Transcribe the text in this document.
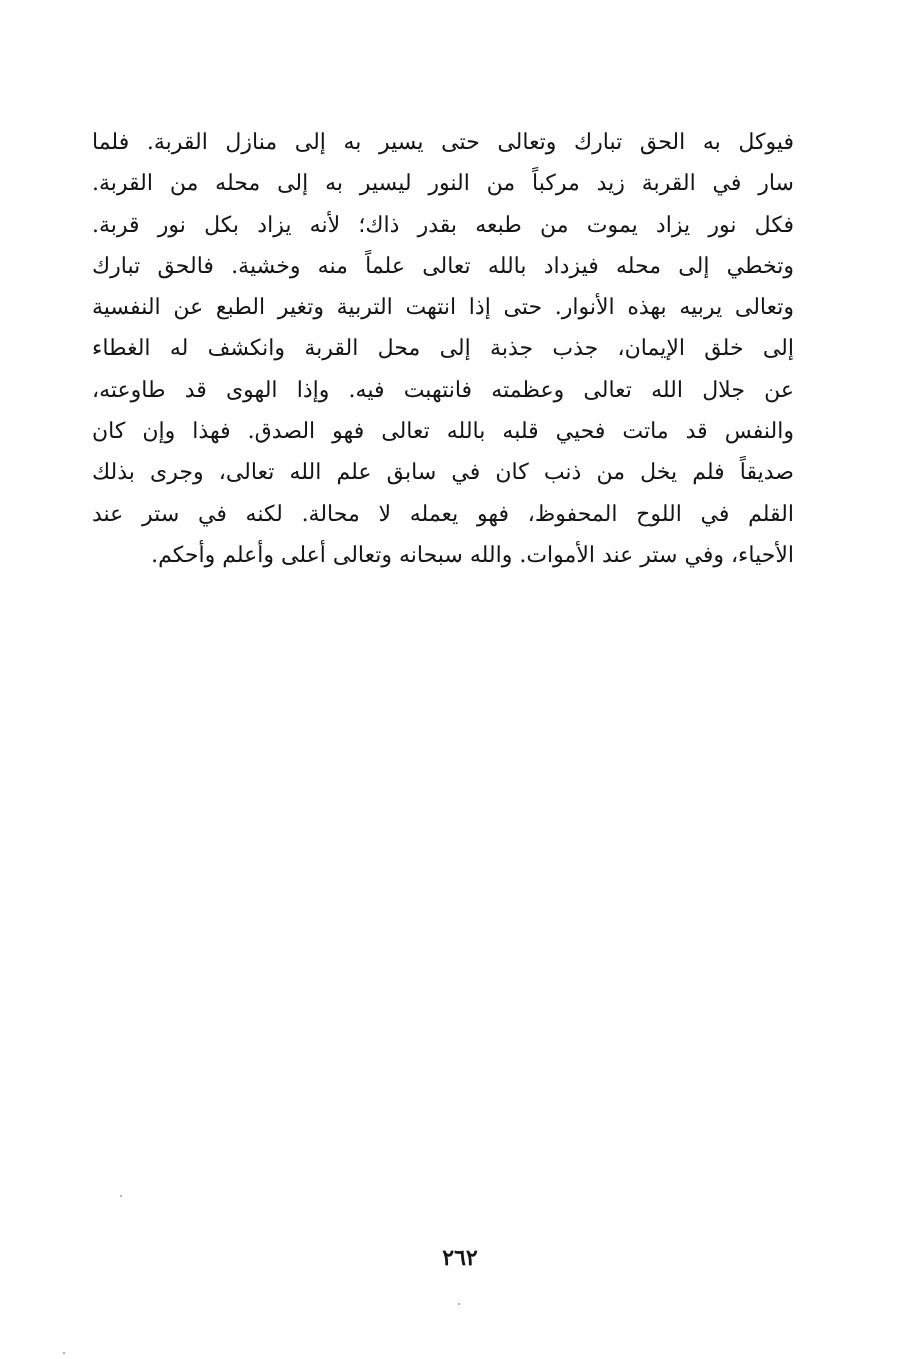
فيوكل به الحق تبارك وتعالى حتى يسير به إلى منازل القربة. فلما
سار في القربة زيد مركباً من النور ليسير به إلى محله من القربة.
فكل نور يزاد يموت من طبعه بقدر ذاك؛ لأنه يزاد بكل نور قربة.
وتخطي إلى محله فيزداد بالله تعالى علماً منه وخشية. فالحق تبارك
وتعالى يربيه بهذه الأنوار. حتى إذا انتهت التربية وتغير الطبع عن النفسية
إلى خلق الإيمان، جذب جذبة إلى محل القربة وانكشف له الغطاء
عن جلال الله تعالى وعظمته فانتهبت فيه. وإذا الهوى قد طاوعته،
والنفس قد ماتت فحيي قلبه بالله تعالى فهو الصدق. فهذا وإن كان
صديقاً فلم يخل من ذنب كان في سابق علم الله تعالى، وجرى بذلك
القلم في اللوح المحفوظ، فهو يعمله لا محالة. لكنه في ستر عند
الأحياء، وفي ستر عند الأموات. والله سبحانه وتعالى أعلى وأعلم وأحكم.
٢٦٢
